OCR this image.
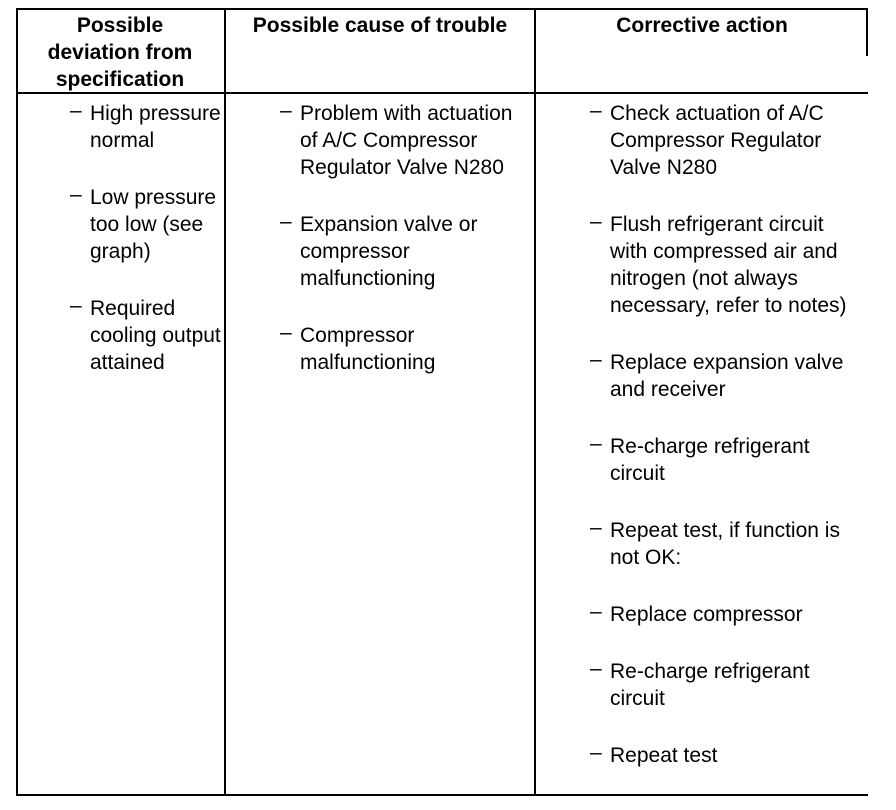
Possible deviation from specification
Possible cause of trouble	Corrective action
– High pressure normal
– Low pressure too low (see graph)
– Required cooling output attained
– Problem with actuation of A/C Compressor Regulator Valve N280
– Expansion valve or compressor malfunctioning
– Compressor malfunctioning
– Check actuation of A/C Compressor Regulator Valve N280
– Flush refrigerant circuit with compressed air and nitrogen (not always necessary, refer to notes)
– Replace expansion valve and receiver
– Re-charge refrigerant circuit
– Repeat test, if function is not OK:
– Replace compressor
– Re-charge refrigerant circuit
– Repeat test
